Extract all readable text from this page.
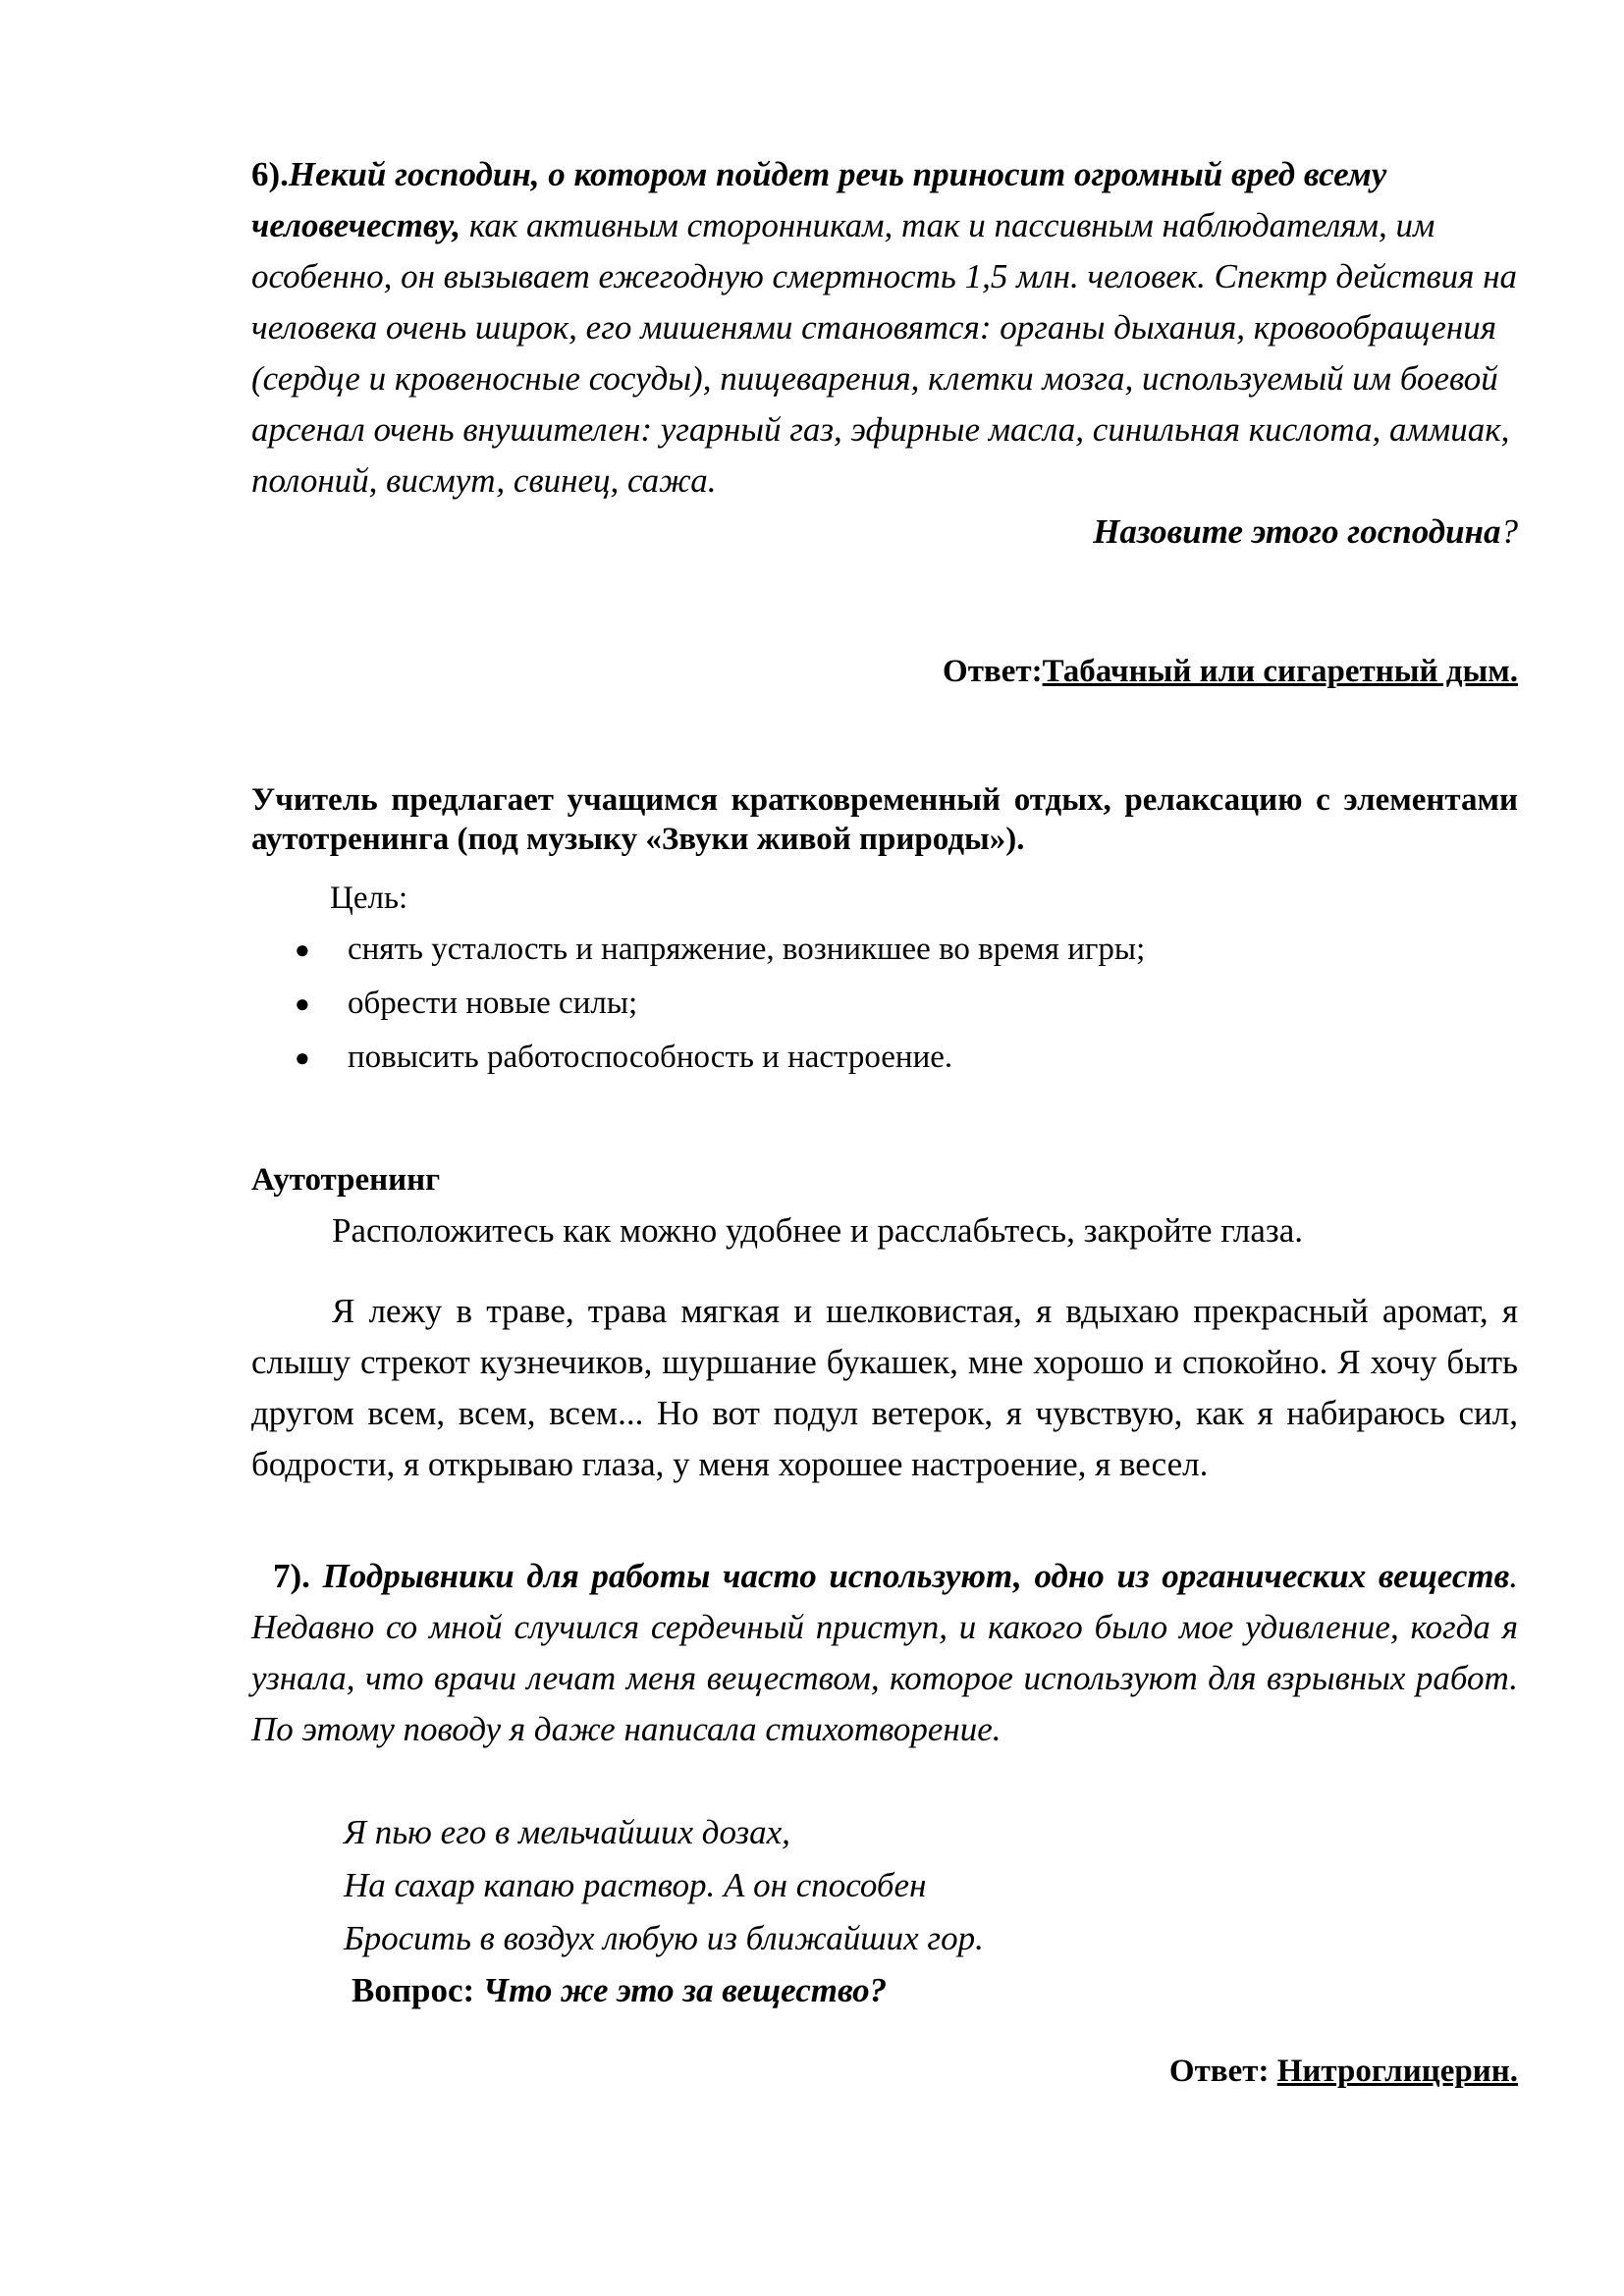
6).Некий господин, о котором пойдет речь приносит огромный вред всему человечеству, как активным сторонникам, так и пассивным наблюдателям, им особенно, он вызывает ежегодную смертность 1,5 млн. человек. Спектр действия на человека очень широк, его мишенями становятся: органы дыхания, кровообращения (сердце и кровеносные сосуды), пищеварения, клетки мозга, используемый им боевой арсенал очень внушителен: угарный газ, эфирные масла, синильная кислота, аммиак, полоний, висмут, свинец, сажа.
Назовите этого господина?

Ответ:Табачный или сигаретный дым.

Учитель предлагает учащимся кратковременный отдых, релаксацию с элементами аутотренинга (под музыку «Звуки живой природы»).

Цель:
● снять усталость и напряжение, возникшее во время игры;
● обрести новые силы;
● повысить работоспособность и настроение.
Аутотренинг

Расположитесь как можно удобнее и расслабьтесь, закройте глаза.

Я лежу в траве, трава мягкая и шелковистая, я вдыхаю прекрасный аромат, я слышу стрекот кузнечиков, шуршание букашек, мне хорошо и спокойно. Я хочу быть другом всем, всем, всем... Но вот подул ветерок, я чувствую, как я набираюсь сил, бодрости, я открываю глаза, у меня хорошее настроение, я весел.

7). Подрывники для работы часто используют, одно из органических веществ. Недавно со мной случился сердечный приступ, и какого было мое удивление, когда я узнала, что врачи лечат меня веществом, которое используют для взрывных работ. По этому поводу я даже написала стихотворение.

Я пью его в мельчайших дозах,
На сахар капаю раствор. А он способен
Бросить в воздух любую из ближайших гор.
Вопрос: Что же это за вещество?
Ответ: Нитроглицерин.
